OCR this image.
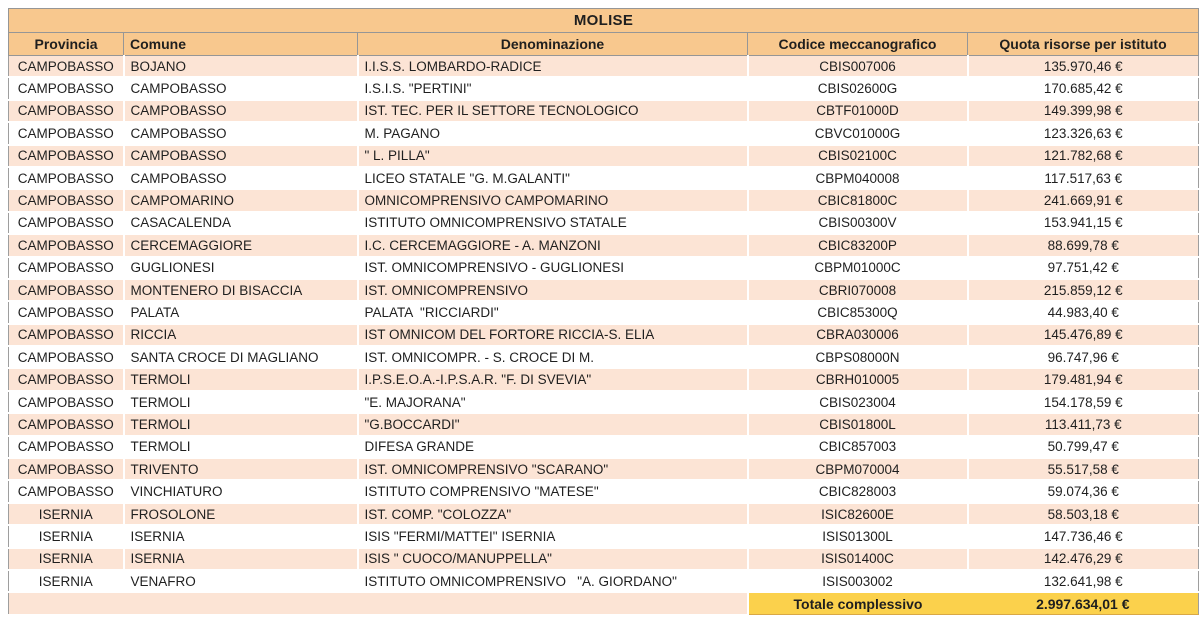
MOLISE				
Provincia	Comune	Denominazione	Codice meccanografico	Quota risorse per istituto
CAMPOBASSO	BOJANO	I.I.S.S. LOMBARDO-RADICE	CBIS007006	135.970,46 €
CAMPOBASSO	CAMPOBASSO	I.S.I.S. "PERTINI"	CBIS02600G	170.685,42 €
CAMPOBASSO	CAMPOBASSO	IST. TEC. PER IL SETTORE TECNOLOGICO	CBTF01000D	149.399,98 €
CAMPOBASSO	CAMPOBASSO	M. PAGANO	CBVC01000G	123.326,63 €
CAMPOBASSO	CAMPOBASSO	" L. PILLA"	CBIS02100C	121.782,68 €
CAMPOBASSO	CAMPOBASSO	LICEO STATALE "G. M.GALANTI"	CBPM040008	117.517,63 €
CAMPOBASSO	CAMPOMARINO	OMNICOMPRENSIVO CAMPOMARINO	CBIC81800C	241.669,91 €
CAMPOBASSO	CASACALENDA	ISTITUTO OMNICOMPRENSIVO STATALE	CBIS00300V	153.941,15 €
CAMPOBASSO	CERCEMAGGIORE	I.C. CERCEMAGGIORE - A. MANZONI	CBIC83200P	88.699,78 €
CAMPOBASSO	GUGLIONESI	IST. OMNICOMPRENSIVO - GUGLIONESI	CBPM01000C	97.751,42 €
CAMPOBASSO	MONTENERO DI BISACCIA	IST. OMNICOMPRENSIVO	CBRI070008	215.859,12 €
CAMPOBASSO	PALATA	PALATA  "RICCIARDI"	CBIC85300Q	44.983,40 €
CAMPOBASSO	RICCIA	IST OMNICOM DEL FORTORE RICCIA-S. ELIA	CBRA030006	145.476,89 €
CAMPOBASSO	SANTA CROCE DI MAGLIANO	IST. OMNICOMPR. - S. CROCE DI M.	CBPS08000N	96.747,96 €
CAMPOBASSO	TERMOLI	I.P.S.E.O.A.-I.P.S.A.R. "F. DI SVEVIA"	CBRH010005	179.481,94 €
CAMPOBASSO	TERMOLI	"E. MAJORANA"	CBIS023004	154.178,59 €
CAMPOBASSO	TERMOLI	"G.BOCCARDI"	CBIS01800L	113.411,73 €
CAMPOBASSO	TERMOLI	DIFESA GRANDE	CBIC857003	50.799,47 €
CAMPOBASSO	TRIVENTO	IST. OMNICOMPRENSIVO "SCARANO"	CBPM070004	55.517,58 €
CAMPOBASSO	VINCHIATURO	ISTITUTO COMPRENSIVO "MATESE"	CBIC828003	59.074,36 €
ISERNIA	FROSOLONE	IST. COMP. "COLOZZA"	ISIC82600E	58.503,18 €
ISERNIA	ISERNIA	ISIS "FERMI/MATTEI" ISERNIA	ISIS01300L	147.736,46 €
ISERNIA	ISERNIA	ISIS " CUOCO/MANUPPELLA"	ISIS01400C	142.476,29 €
ISERNIA	VENAFRO	ISTITUTO OMNICOMPRENSIVO   "A. GIORDANO"	ISIS003002	132.641,98 €
			Totale complessivo	2.997.634,01 €
